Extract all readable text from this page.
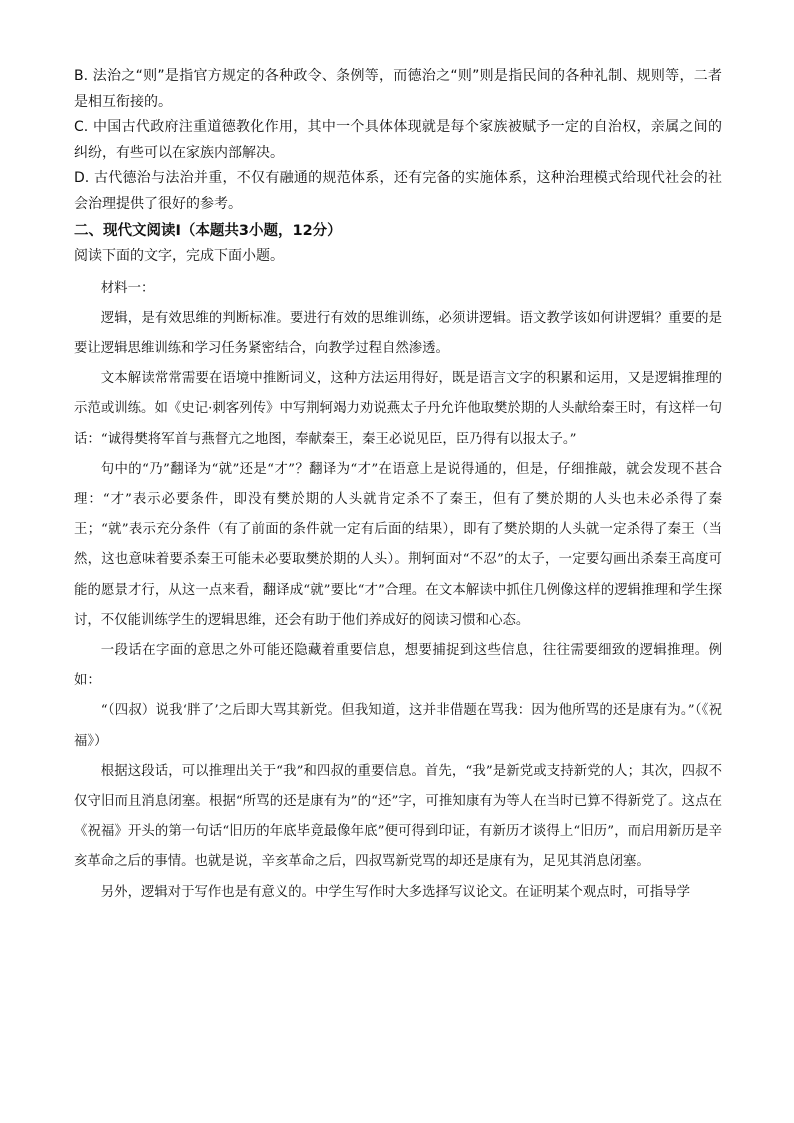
B. 法治之“则”是指官方规定的各种政令、条例等，而德治之“则”则是指民间的各种礼制、规则等，二者是相互衔接的。

C. 中国古代政府注重道德教化作用，其中一个具体体现就是每个家族被赋予一定的自治权，亲属之间的纠纷，有些可以在家族内部解决。

D. 古代德治与法治并重，不仅有融通的规范体系，还有完备的实施体系，这种治理模式给现代社会的社会治理提供了很好的参考。

二、现代文阅读Ⅰ（本题共3小题，12分）

阅读下面的文字，完成下面小题。

材料一：

逻辑，是有效思维的判断标准。要进行有效的思维训练，必须讲逻辑。语文教学该如何讲逻辑？重要的是要让逻辑思维训练和学习任务紧密结合，向教学过程自然渗透。

文本解读常常需要在语境中推断词义，这种方法运用得好，既是语言文字的积累和运用，又是逻辑推理的示范或训练。如《史记·刺客列传》中写荆轲竭力劝说燕太子丹允许他取樊於期的人头献给秦王时，有这样一句话：“诚得樊将军首与燕督亢之地图，奉献秦王，秦王必说见臣，臣乃得有以报太子。”

句中的“乃”翻译为“就”还是“才”？翻译为“才”在语意上是说得通的，但是，仔细推敲，就会发现不甚合理：“才”表示必要条件，即没有樊於期的人头就肯定杀不了秦王，但有了樊於期的人头也未必杀得了秦王；“就”表示充分条件（有了前面的条件就一定有后面的结果），即有了樊於期的人头就一定杀得了秦王（当然，这也意味着要杀秦王可能未必要取樊於期的人头）。荆轲面对“不忍”的太子，一定要勾画出杀秦王高度可能的愿景才行，从这一点来看，翻译成“就”要比“才”合理。在文本解读中抓住几例像这样的逻辑推理和学生探讨，不仅能训练学生的逻辑思维，还会有助于他们养成好的阅读习惯和心态。

一段话在字面的意思之外可能还隐藏着重要信息，想要捕捉到这些信息，往往需要细致的逻辑推理。例如：

“（四叔）说我‘胖了’之后即大骂其新党。但我知道，这并非借题在骂我：因为他所骂的还是康有为。”（《祝福》）

根据这段话，可以推理出关于“我”和四叔的重要信息。首先，“我”是新党或支持新党的人；其次，四叔不仅守旧而且消息闭塞。根据“所骂的还是康有为”的“还”字，可推知康有为等人在当时已算不得新党了。这点在《祝福》开头的第一句话“旧历的年底毕竟最像年底”便可得到印证，有新历才谈得上“旧历”，而启用新历是辛亥革命之后的事情。也就是说，辛亥革命之后，四叔骂新党骂的却还是康有为，足见其消息闭塞。

另外，逻辑对于写作也是有意义的。中学生写作时大多选择写议论文。在证明某个观点时，可指导学
